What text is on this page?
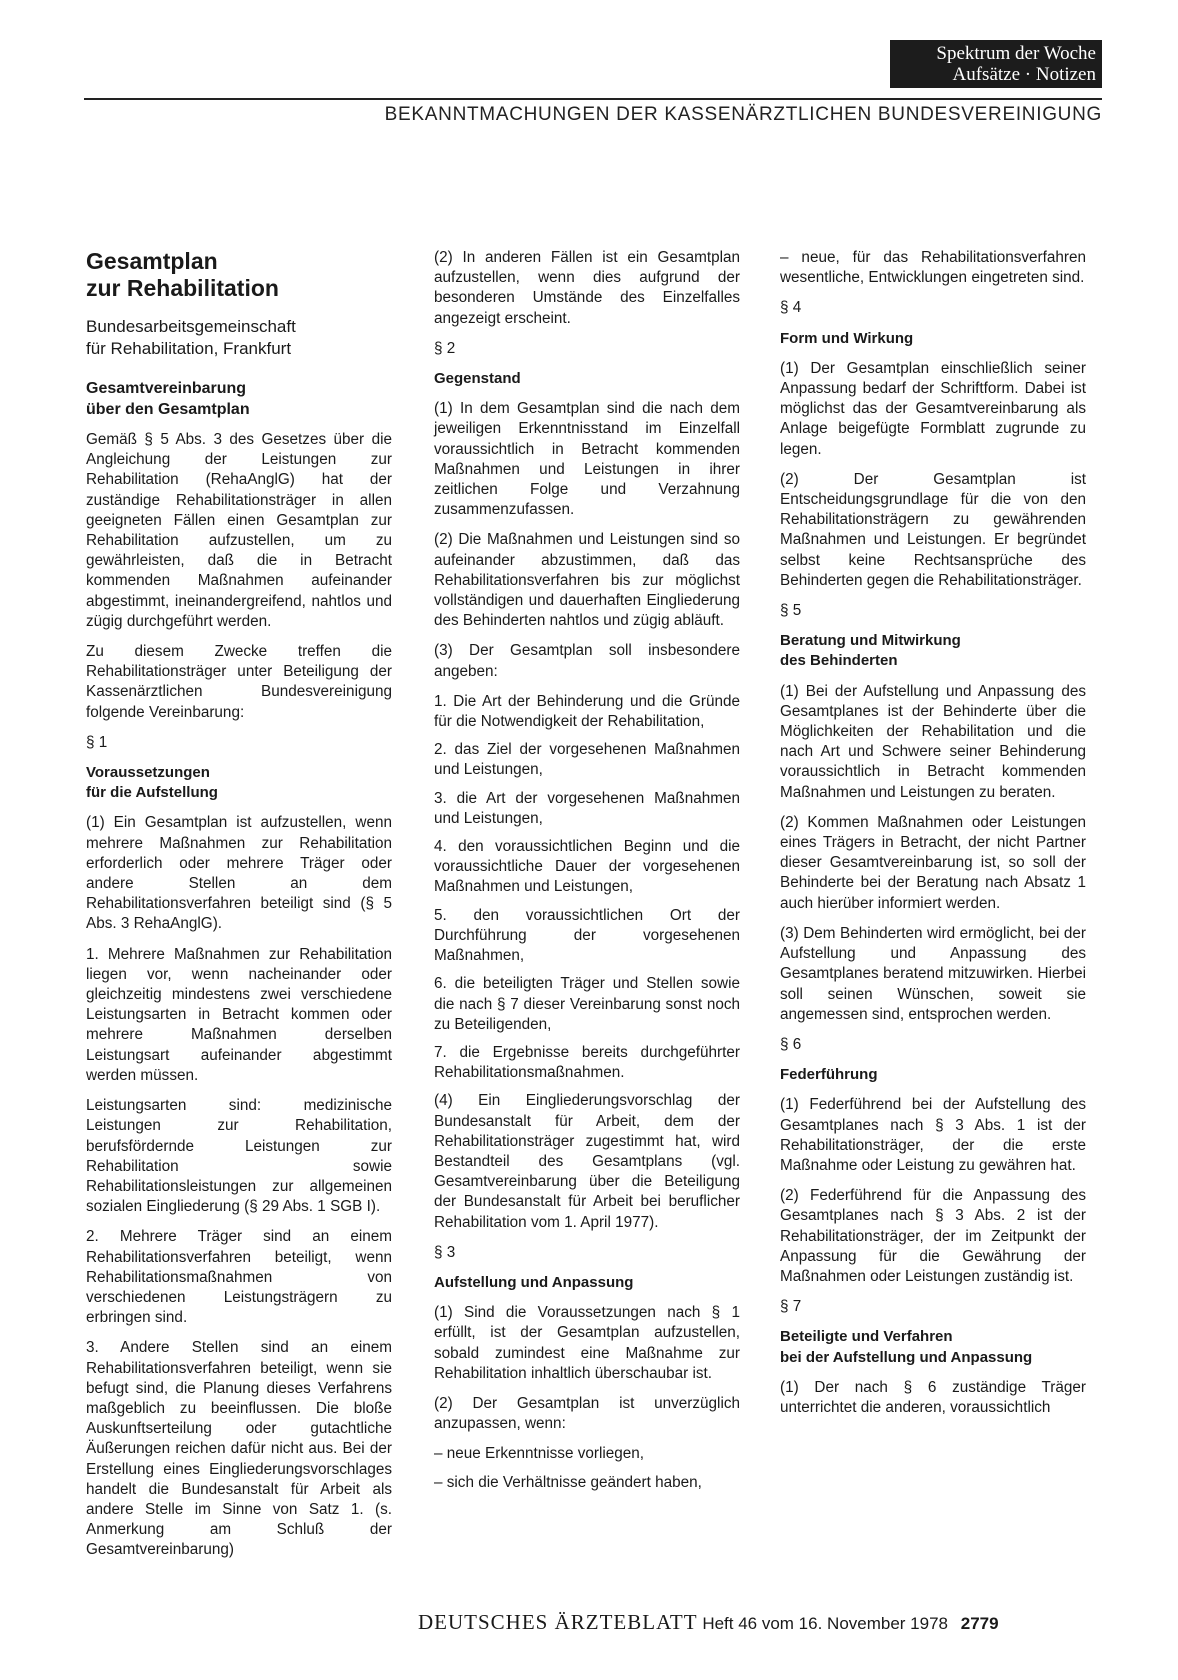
Spektrum der Woche
Aufsätze · Notizen
BEKANNTMACHUNGEN DER KASSENÄRZTLICHEN BUNDESVEREINIGUNG
Gesamtplan
zur Rehabilitation
Bundesarbeitsgemeinschaft
für Rehabilitation, Frankfurt
Gesamtvereinbarung
über den Gesamtplan

Gemäß § 5 Abs. 3 des Gesetzes über die Angleichung der Leistungen zur Rehabilitation (RehaAnglG) hat der zuständige Rehabilitationsträger in allen geeigneten Fällen einen Gesamtplan zur Rehabilitation aufzustellen, um zu gewährleisten, daß die in Betracht kommenden Maßnahmen aufeinander abgestimmt, ineinandergreifend, nahtlos und zügig durchgeführt werden.

Zu diesem Zwecke treffen die Rehabilitationsträger unter Beteiligung der Kassenärztlichen Bundesvereinigung folgende Vereinbarung:

§ 1

Voraussetzungen
für die Aufstellung

(1) Ein Gesamtplan ist aufzustellen, wenn mehrere Maßnahmen zur Rehabilitation erforderlich oder mehrere Träger oder andere Stellen an dem Rehabilitationsverfahren beteiligt sind (§ 5 Abs. 3 RehaAnglG).

1. Mehrere Maßnahmen zur Rehabilitation liegen vor, wenn nacheinander oder gleichzeitig mindestens zwei verschiedene Leistungsarten in Betracht kommen oder mehrere Maßnahmen derselben Leistungsart aufeinander abgestimmt werden müssen.

Leistungsarten sind: medizinische Leistungen zur Rehabilitation, berufsfördernde Leistungen zur Rehabilitation sowie Rehabilitationsleistungen zur allgemeinen sozialen Eingliederung (§ 29 Abs. 1 SGB I).

2. Mehrere Träger sind an einem Rehabilitationsverfahren beteiligt, wenn Rehabilitationsmaßnahmen von verschiedenen Leistungsträgern zu erbringen sind.

3. Andere Stellen sind an einem Rehabilitationsverfahren beteiligt, wenn sie befugt sind, die Planung dieses Verfahrens maßgeblich zu beeinflussen. Die bloße Auskunftserteilung oder gutachtliche Äußerungen reichen dafür nicht aus. Bei der Erstellung eines Eingliederungsvorschlages handelt die Bundesanstalt für Arbeit als andere Stelle im Sinne von Satz 1. (s. Anmerkung am Schluß der Gesamtvereinbarung)

(2) In anderen Fällen ist ein Gesamtplan aufzustellen, wenn dies aufgrund der besonderen Umstände des Einzelfalles angezeigt erscheint.

§ 2

Gegenstand

(1) In dem Gesamtplan sind die nach dem jeweiligen Erkenntnisstand im Einzelfall voraussichtlich in Betracht kommenden Maßnahmen und Leistungen in ihrer zeitlichen Folge und Verzahnung zusammenzufassen.

(2) Die Maßnahmen und Leistungen sind so aufeinander abzustimmen, daß das Rehabilitationsverfahren bis zur möglichst vollständigen und dauerhaften Eingliederung des Behinderten nahtlos und zügig abläuft.

(3) Der Gesamtplan soll insbesondere angeben:

1. Die Art der Behinderung und die Gründe für die Notwendigkeit der Rehabilitation,

2. das Ziel der vorgesehenen Maßnahmen und Leistungen,

3. die Art der vorgesehenen Maßnahmen und Leistungen,

4. den voraussichtlichen Beginn und die voraussichtliche Dauer der vorgesehenen Maßnahmen und Leistungen,

5. den voraussichtlichen Ort der Durchführung der vorgesehenen Maßnahmen,

6. die beteiligten Träger und Stellen sowie die nach § 7 dieser Vereinbarung sonst noch zu Beteiligenden,

7. die Ergebnisse bereits durchgeführter Rehabilitationsmaßnahmen.

(4) Ein Eingliederungsvorschlag der Bundesanstalt für Arbeit, dem der Rehabilitationsträger zugestimmt hat, wird Bestandteil des Gesamtplans (vgl. Gesamtvereinbarung über die Beteiligung der Bundesanstalt für Arbeit bei beruflicher Rehabilitation vom 1. April 1977).

§ 3

Aufstellung und Anpassung

(1) Sind die Voraussetzungen nach § 1 erfüllt, ist der Gesamtplan aufzustellen, sobald zumindest eine Maßnahme zur Rehabilitation inhaltlich überschaubar ist.

(2) Der Gesamtplan ist unverzüglich anzupassen, wenn:

– neue Erkenntnisse vorliegen,

– sich die Verhältnisse geändert haben,

– neue, für das Rehabilitationsverfahren wesentliche, Entwicklungen eingetreten sind.

§ 4

Form und Wirkung

(1) Der Gesamtplan einschließlich seiner Anpassung bedarf der Schriftform. Dabei ist möglichst das der Gesamtvereinbarung als Anlage beigefügte Formblatt zugrunde zu legen.

(2) Der Gesamtplan ist Entscheidungsgrundlage für die von den Rehabilitationsträgern zu gewährenden Maßnahmen und Leistungen. Er begründet selbst keine Rechtsansprüche des Behinderten gegen die Rehabilitationsträger.

§ 5

Beratung und Mitwirkung
des Behinderten

(1) Bei der Aufstellung und Anpassung des Gesamtplanes ist der Behinderte über die Möglichkeiten der Rehabilitation und die nach Art und Schwere seiner Behinderung voraussichtlich in Betracht kommenden Maßnahmen und Leistungen zu beraten.

(2) Kommen Maßnahmen oder Leistungen eines Trägers in Betracht, der nicht Partner dieser Gesamtvereinbarung ist, so soll der Behinderte bei der Beratung nach Absatz 1 auch hierüber informiert werden.

(3) Dem Behinderten wird ermöglicht, bei der Aufstellung und Anpassung des Gesamtplanes beratend mitzuwirken. Hierbei soll seinen Wünschen, soweit sie angemessen sind, entsprochen werden.

§ 6

Federführung

(1) Federführend bei der Aufstellung des Gesamtplanes nach § 3 Abs. 1 ist der Rehabilitationsträger, der die erste Maßnahme oder Leistung zu gewähren hat.

(2) Federführend für die Anpassung des Gesamtplanes nach § 3 Abs. 2 ist der Rehabilitationsträger, der im Zeitpunkt der Anpassung für die Gewährung der Maßnahmen oder Leistungen zuständig ist.

§ 7

Beteiligte und Verfahren
bei der Aufstellung und Anpassung

(1) Der nach § 6 zuständige Träger unterrichtet die anderen, voraussichtlich

DEUTSCHES ÄRZTEBLATT Heft 46 vom 16. November 1978 2779
